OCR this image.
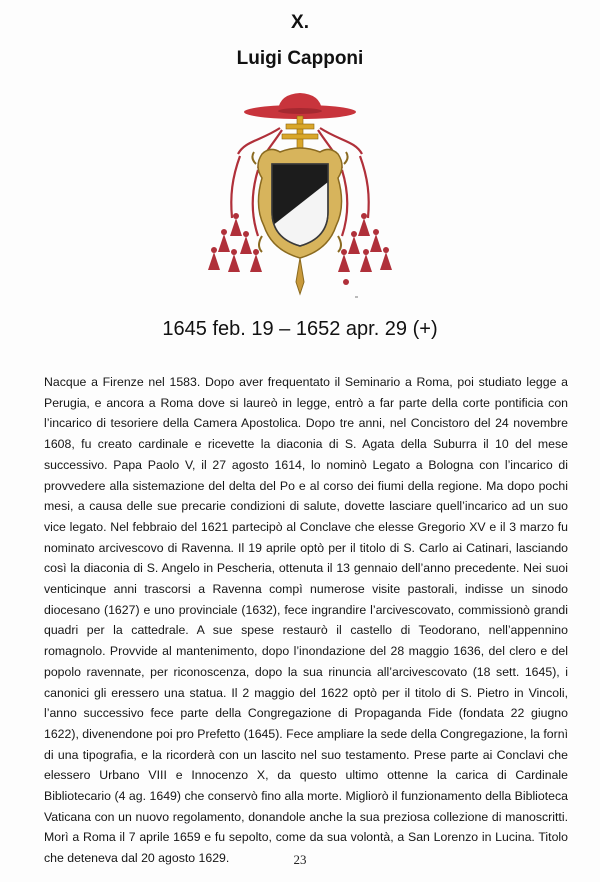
X.
Luigi Capponi
1645 feb. 19 – 1652 apr. 29 (+)

Nacque a Firenze nel 1583. Dopo aver frequentato il Seminario a Roma, poi studiato legge a Perugia, e ancora a Roma dove si laureò in legge, entrò a far parte della corte pontificia con l’incarico di tesoriere della Camera Apostolica. Dopo tre anni, nel Concistoro del 24 novembre 1608, fu creato cardinale e ricevette la diaconia di S. Agata della Suburra il 10 del mese successivo. Papa Paolo V, il 27 agosto 1614, lo nominò Legato a Bologna con l’incarico di provvedere alla sistemazione del delta del Po e al corso dei fiumi della regione. Ma dopo pochi mesi, a causa delle sue precarie condizioni di salute, dovette lasciare quell’incarico ad un suo vice legato. Nel febbraio del 1621 partecipò al Conclave che elesse Gregorio XV e il 3 marzo fu nominato arcivescovo di Ravenna. Il 19 aprile optò per il titolo di S. Carlo ai Catinari, lasciando così la diaconia di S. Angelo in Pescheria, ottenuta il 13 gennaio dell’anno precedente. Nei suoi venticinque anni trascorsi a Ravenna compì numerose visite pastorali, indisse un sinodo diocesano (1627) e uno provinciale (1632), fece ingrandire l’arcivescovato, commissionò grandi quadri per la cattedrale. A sue spese restaurò il castello di Teodorano, nell’appennino romagnolo. Provvide al mantenimento, dopo l’inondazione del 28 maggio 1636, del clero e del popolo ravennate, per riconoscenza, dopo la sua rinuncia all’arcivescovato (18 sett. 1645), i canonici gli eressero una statua. Il 2 maggio del 1622 optò per il titolo di S. Pietro in Vincoli, l’anno successivo fece parte della Congregazione di Propaganda Fide (fondata 22 giugno 1622), divenendone poi pro Prefetto (1645). Fece ampliare la sede della Congregazione, la fornì di una tipografia, e la ricorderà con un lascito nel suo testamento. Prese parte ai Conclavi che elessero Urbano VIII e Innocenzo X, da questo ultimo ottenne la carica di Cardinale Bibliotecario (4 ag. 1649) che conservò fino alla morte. Migliorò il funzionamento della Biblioteca Vaticana con un nuovo regolamento, donandole anche la sua preziosa collezione di manoscritti. Morì a Roma il 7 aprile 1659 e fu sepolto, come da sua volontà, a San Lorenzo in Lucina. Titolo che deteneva dal 20 agosto 1629.	23
